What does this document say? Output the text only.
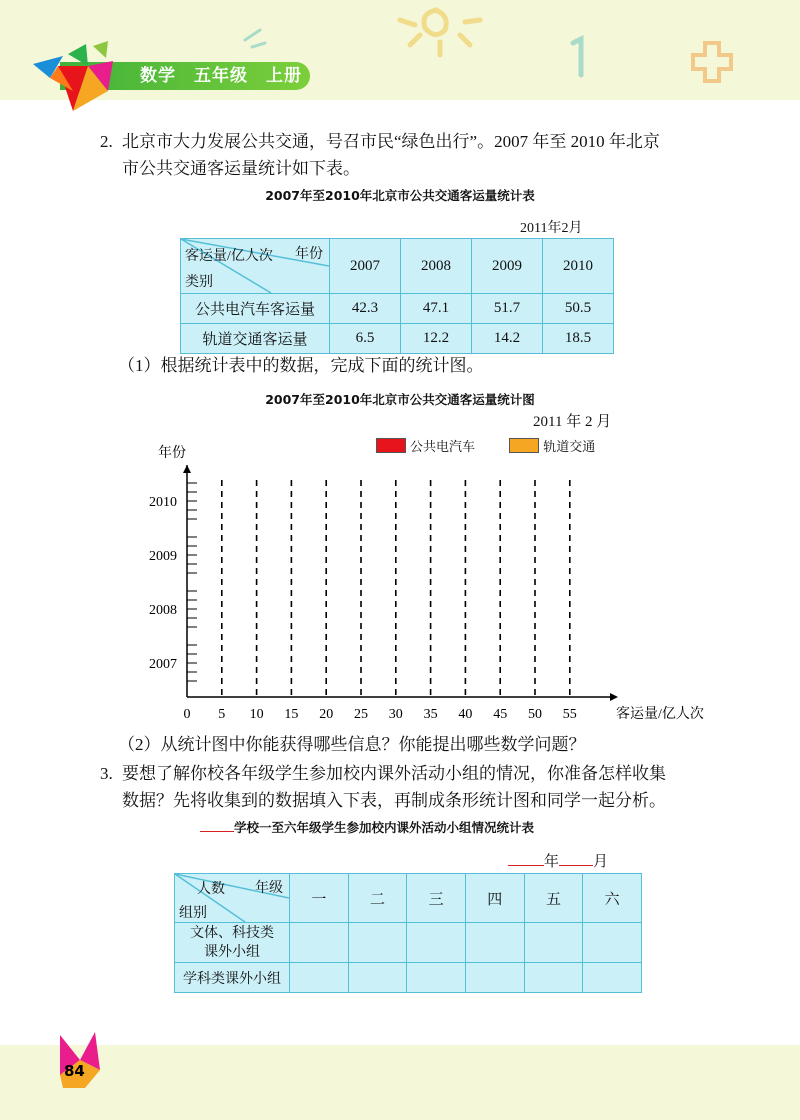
数学　五年级　上册
2. 北京市大力发展公共交通，号召市民“绿色出行”。2007 年至 2010 年北京
市公共交通客运量统计如下表。
2007年至2010年北京市公共交通客运量统计表
2011年2月
年份
客运量/亿人次
类别	2007	2008	2009	2010
公共电汽车客运量	42.3	47.1	51.7	50.5
轨道交通客运量	6.5	12.2	14.2	18.5
（1）根据统计表中的数据，完成下面的统计图。
2007年至2010年北京市公共交通客运量统计图
2011 年 2 月
公共电汽车	轨道交通
年份
2007
2008
2009
2010
0 5 10 15 20 25 30 35 40 45 50 55	客运量/亿人次
（2）从统计图中你能获得哪些信息？你能提出哪些数学问题？
3. 要想了解你校各年级学生参加校内课外活动小组的情况，你准备怎样收集
数据？先将收集到的数据填入下表，再制成条形统计图和同学一起分析。
学校一至六年级学生参加校内课外活动小组情况统计表
年 月
年级
人数
组别	一	二	三	四	五	六
文体、科技类
课外小组						
学科类课外小组						
84
